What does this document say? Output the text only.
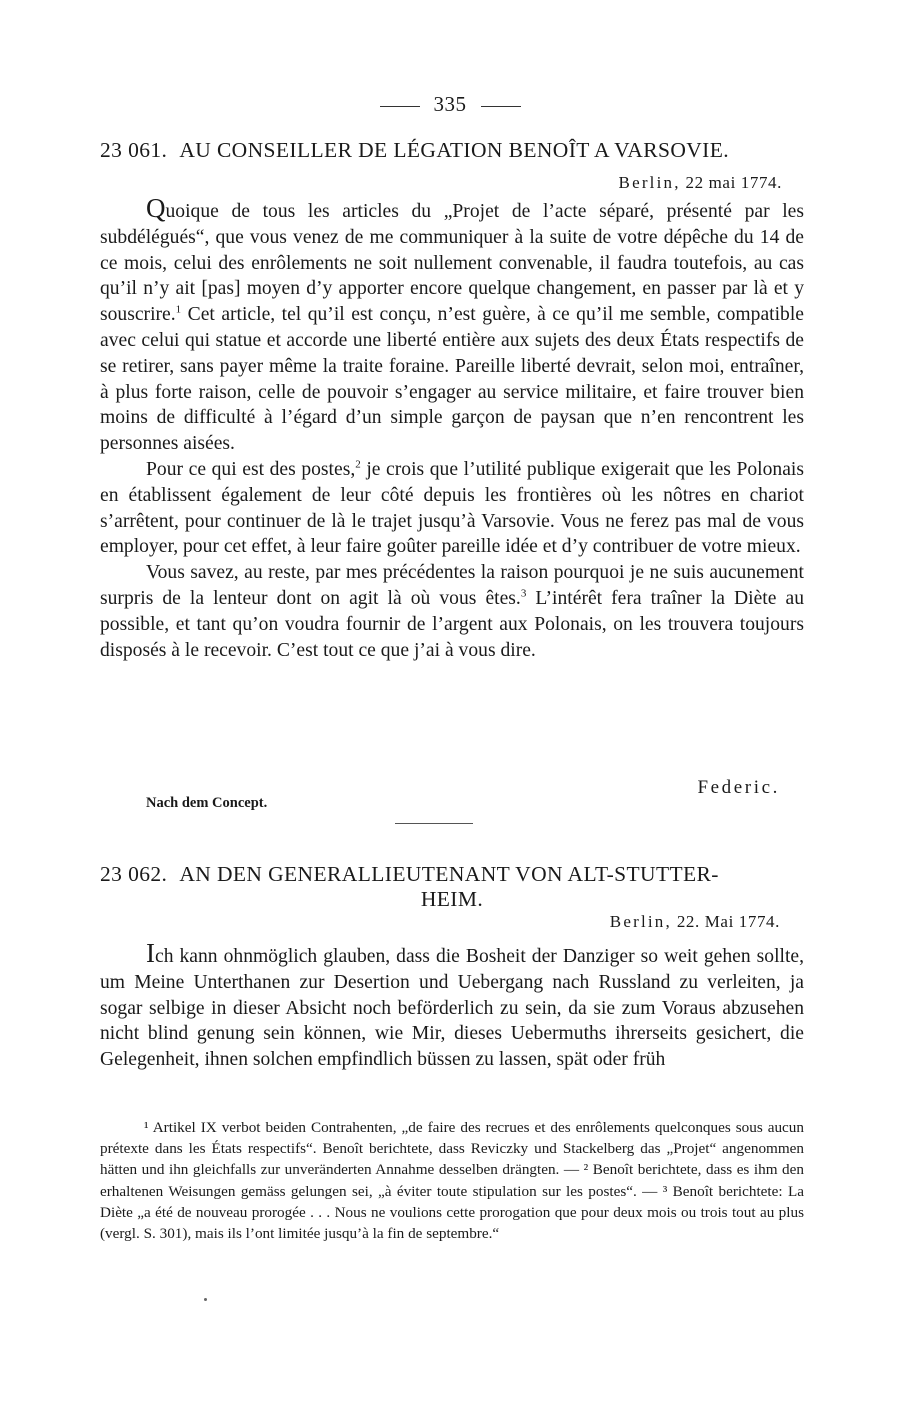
335
23 061. AU CONSEILLER DE LÉGATION BENOÎT A VARSOVIE.
Berlin, 22 mai 1774.

Quoique de tous les articles du „Projet de l’acte séparé, présenté par les subdélégués“, que vous venez de me communiquer à la suite de votre dépêche du 14 de ce mois, celui des enrôlements ne soit nullement convenable, il faudra toutefois, au cas qu’il n’y ait [pas] moyen d’y apporter encore quelque changement, en passer par là et y souscrire.$^1$ Cet article, tel qu’il est conçu, n’est guère, à ce qu’il me semble, compatible avec celui qui statue et accorde une liberté entière aux sujets des deux États respectifs de se retirer, sans payer même la traite foraine. Pareille liberté devrait, selon moi, entraîner, à plus forte raison, celle de pouvoir s’engager au service militaire, et faire trouver bien moins de difficulté à l’égard d’un simple garçon de paysan que n’en rencontrent les personnes aisées.

Pour ce qui est des postes,$^2$ je crois que l’utilité publique exigerait que les Polonais en établissent également de leur côté depuis les frontières où les nôtres en chariot s’arrêtent, pour continuer de là le trajet jusqu’à Varsovie. Vous ne ferez pas mal de vous employer, pour cet effet, à leur faire goûter pareille idée et d’y contribuer de votre mieux.

Vous savez, au reste, par mes précédentes la raison pourquoi je ne suis aucunement surpris de la lenteur dont on agit là où vous êtes.$^3$ L’intérêt fera traîner la Diète au possible, et tant qu’on voudra fournir de l’argent aux Polonais, on les trouvera toujours disposés à le recevoir. C’est tout ce que j’ai à vous dire.

Federic.
Nach dem Concept.
23 062. AN DEN GENERALLIEUTENANT VON ALT-STUTTER-
HEIM.
Berlin, 22. Mai 1774.

Ich kann ohnmöglich glauben, dass die Bosheit der Danziger so weit gehen sollte, um Meine Unterthanen zur Desertion und Uebergang nach Russland zu verleiten, ja sogar selbige in dieser Absicht noch beförderlich zu sein, da sie zum Voraus abzusehen nicht blind genung sein können, wie Mir, dieses Uebermuths ihrerseits gesichert, die Gelegenheit, ihnen solchen empfindlich büssen zu lassen, spät oder früh

¹ Artikel IX verbot beiden Contrahenten, „de faire des recrues et des enrôlements quelconques sous aucun prétexte dans les États respectifs“. Benoît berichtete, dass Reviczky und Stackelberg das „Projet“ angenommen hätten und ihn gleichfalls zur unveränderten Annahme desselben drängten. — ² Benoît berichtete, dass es ihm den erhaltenen Weisungen gemäss gelungen sei, „à éviter toute stipulation sur les postes“. — ³ Benoît berichtete: La Diète „a été de nouveau prorogée . . . Nous ne voulions cette prorogation que pour deux mois ou trois tout au plus (vergl. S. 301), mais ils l’ont limitée jusqu’à la fin de septembre.“
